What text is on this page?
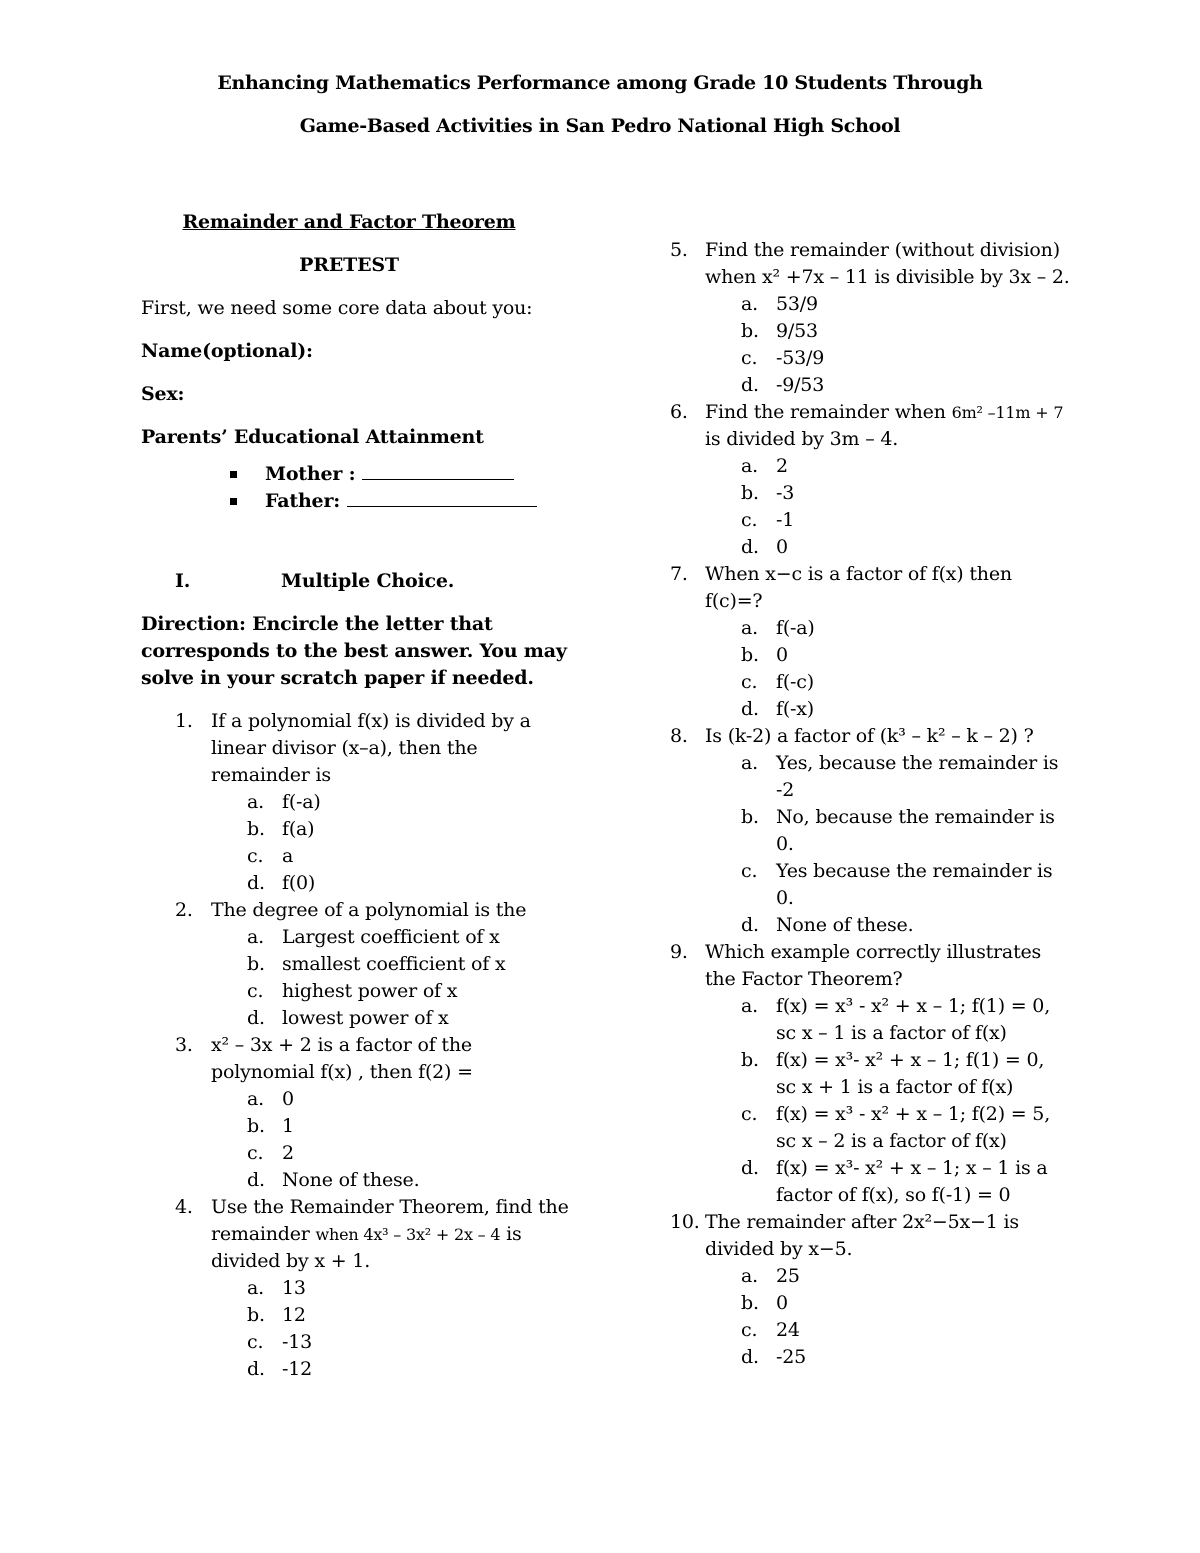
Enhancing Mathematics Performance among Grade 10 Students Through
Game-Based Activities in San Pedro National High School
Remainder and Factor Theorem
PRETEST
First, we need some core data about you:
Name(optional):
Sex:
Parents’ Educational Attainment
Mother :
Father:
I.	Multiple Choice.
Direction: Encircle the letter that corresponds to the best answer. You may solve in your scratch paper if needed.
1. If a polynomial f(x) is divided by a linear divisor (x–a), then the remainder is
a. f(-a)
b. f(a)
c. a
d. f(0)
2. The degree of a polynomial is the
a. Largest coefficient of x
b. smallest coefficient of x
c. highest power of x
d. lowest power of x
3. x² – 3x + 2 is a factor of the polynomial f(x) , then f(2) =
a. 0
b. 1
c. 2
d. None of these.
4. Use the Remainder Theorem, find the remainder when 4x³ – 3x² + 2x – 4 is divided by x + 1.
a. 13
b. 12
c. -13
d. -12
5. Find the remainder (without division) when x² +7x – 11 is divisible by 3x – 2.
a. 53/9
b. 9/53
c. -53/9
d. -9/53
6. Find the remainder when 6m² –11m + 7 is divided by 3m – 4.
a. 2
b. -3
c. -1
d. 0
7. When x−c is a factor of f(x) then f(c)=?
a. f(-a)
b. 0
c. f(-c)
d. f(-x)
8. Is (k-2) a factor of (k³ – k² – k – 2) ?
a. Yes, because the remainder is -2
b. No, because the remainder is 0.
c. Yes because the remainder is 0.
d. None of these.
9. Which example correctly illustrates the Factor Theorem?
a. f(x) = x³ - x² + x – 1; f(1) = 0, sc x – 1 is a factor of f(x)
b. f(x) = x³- x² + x – 1; f(1) = 0, sc x + 1 is a factor of f(x)
c. f(x) = x³ - x² + x – 1; f(2) = 5, sc x – 2 is a factor of f(x)
d. f(x) = x³- x² + x – 1; x – 1 is a factor of f(x), so f(-1) = 0
10. The remainder after 2x²−5x−1 is divided by x−5.
a. 25
b. 0
c. 24
d. -25
